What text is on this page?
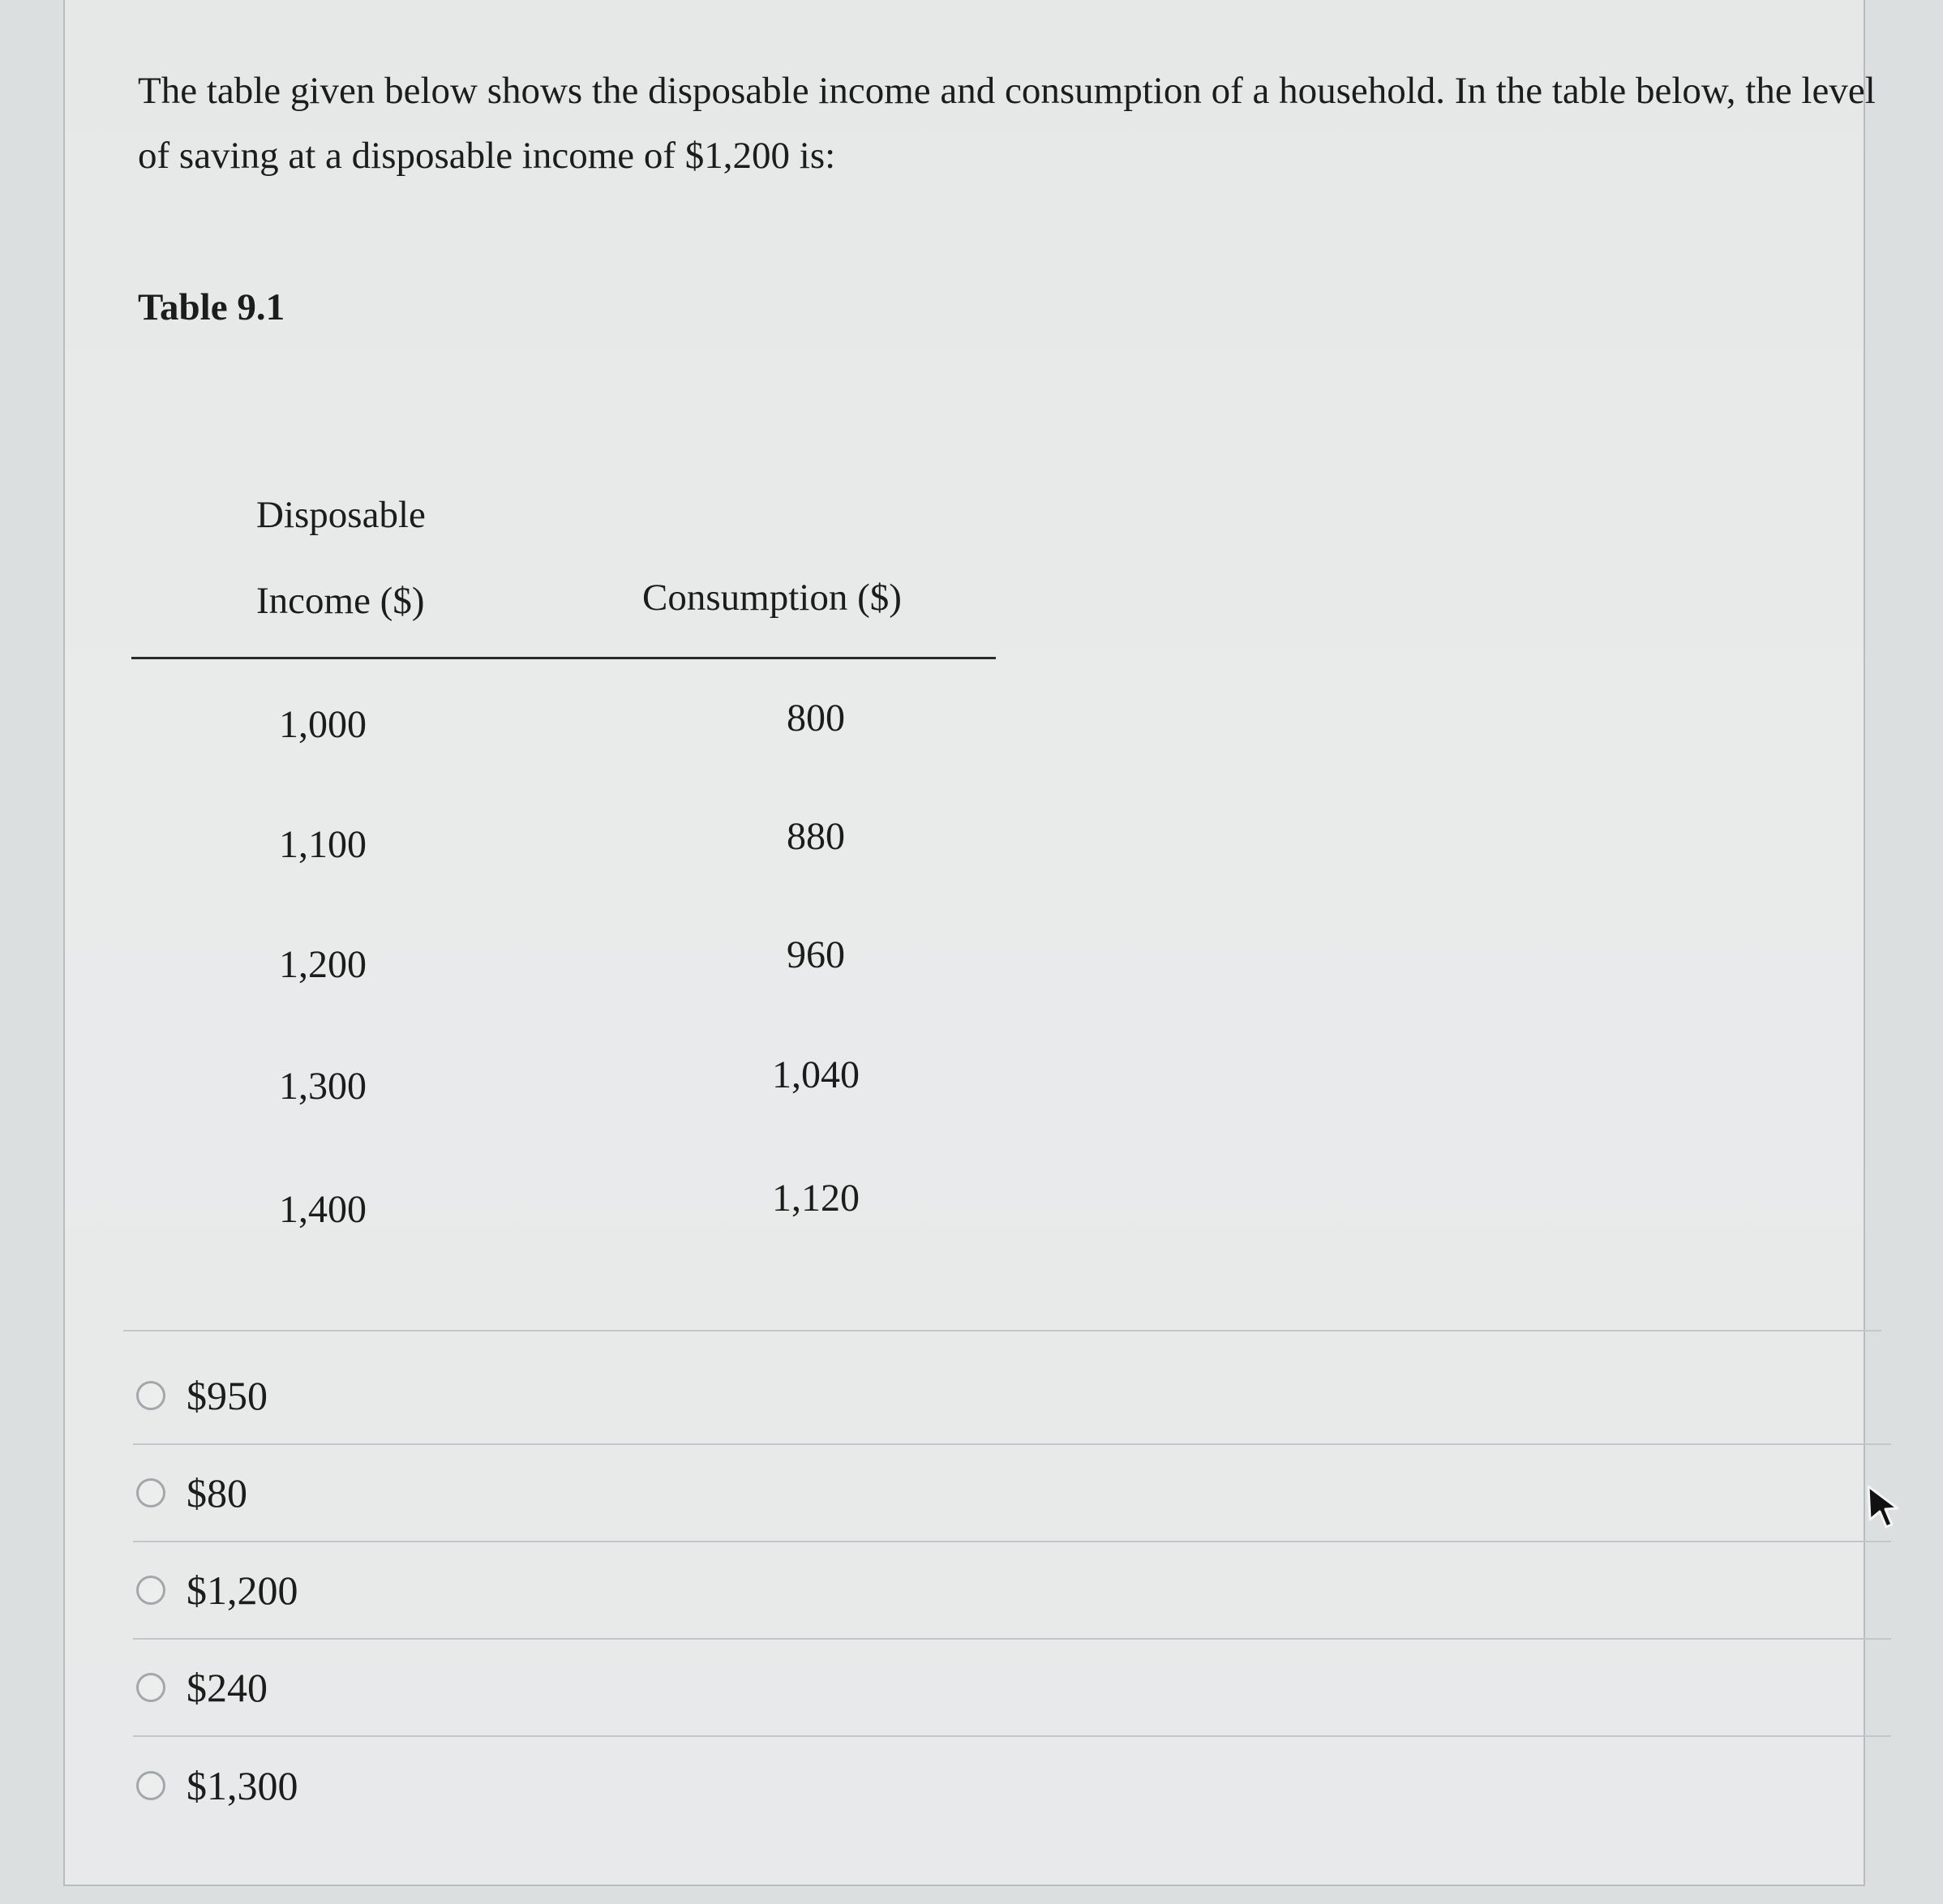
The table given below shows the disposable income and consumption of a household. In the table below, the level of saving at a disposable income of $1,200 is:

Table 9.1

Disposable

Income ($)	Consumption ($)

1,000	800

1,100	880

1,200	960

1,300	1,040

1,400	1,120

$950
$80
$1,200
$240
$1,300
